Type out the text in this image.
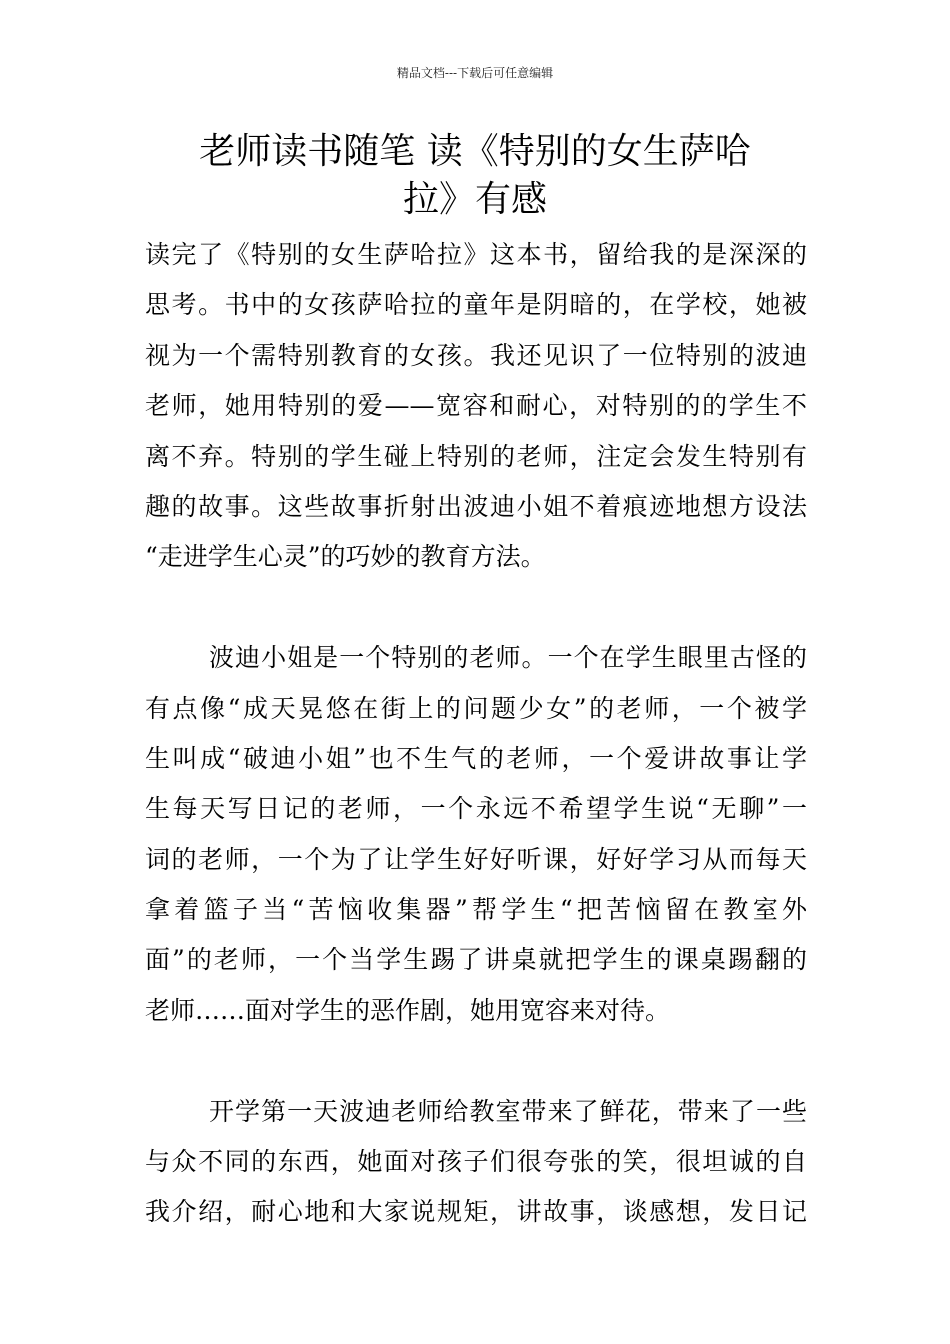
精品文档---下载后可任意编辑
老师读书随笔 读《特别的女生萨哈
拉》有感
读完了《特别的女生萨哈拉》这本书，留给我的是深深的
思考。书中的女孩萨哈拉的童年是阴暗的，在学校，她被
视为一个需特别教育的女孩。我还见识了一位特别的波迪
老师，她用特别的爱——宽容和耐心，对特别的的学生不
离不弃。特别的学生碰上特别的老师，注定会发生特别有
趣的故事。这些故事折射出波迪小姐不着痕迹地想方设法
“走进学生心灵”的巧妙的教育方法。
波迪小姐是一个特别的老师。一个在学生眼里古怪的
有点像“成天晃悠在街上的问题少女”的老师，一个被学
生叫成“破迪小姐”也不生气的老师，一个爱讲故事让学
生每天写日记的老师，一个永远不希望学生说“无聊”一
词的老师，一个为了让学生好好听课，好好学习从而每天
拿着篮子当“苦恼收集器”帮学生“把苦恼留在教室外
面”的老师，一个当学生踢了讲桌就把学生的课桌踢翻的
老师……面对学生的恶作剧，她用宽容来对待。
开学第一天波迪老师给教室带来了鲜花，带来了一些
与众不同的东西，她面对孩子们很夸张的笑，很坦诚的自
我介绍，耐心地和大家说规矩，讲故事，谈感想，发日记
